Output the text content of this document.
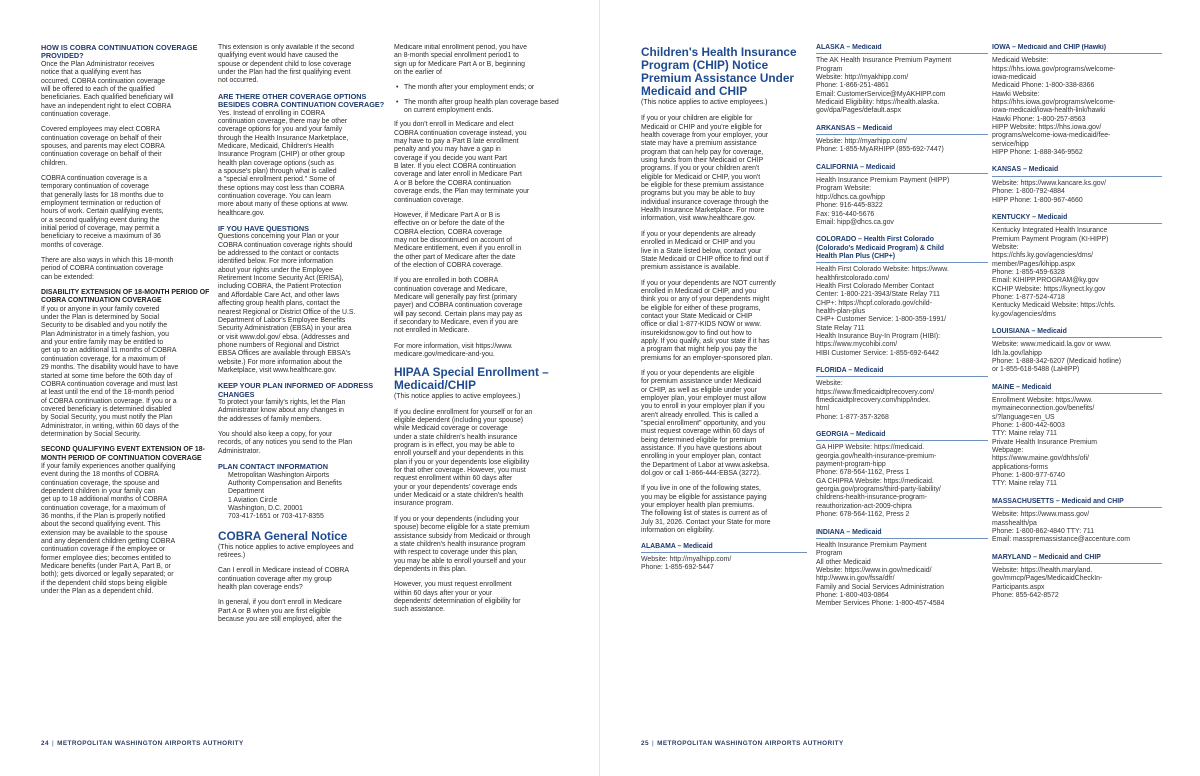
HOW IS COBRA CONTINUATION COVERAGE PROVIDED?
Once the Plan Administrator receives
notice that a qualifying event has
occurred, COBRA continuation coverage
will be offered to each of the qualified
beneficiaries. Each qualified beneficiary will
have an independent right to elect COBRA
continuation coverage.
Covered employees may elect COBRA
continuation coverage on behalf of their
spouses, and parents may elect COBRA
continuation coverage on behalf of their
children.
COBRA continuation coverage is a
temporary continuation of coverage
that generally lasts for 18 months due to
employment termination or reduction of
hours of work. Certain qualifying events,
or a second qualifying event during the
initial period of coverage, may permit a
beneficiary to receive a maximum of 36
months of coverage.
There are also ways in which this 18-month
period of COBRA continuation coverage
can be extended:
DISABILITY EXTENSION OF 18-MONTH PERIOD OF COBRA CONTINUATION COVERAGE
If you or anyone in your family covered
under the Plan is determined by Social
Security to be disabled and you notify the
Plan Administrator in a timely fashion, you
and your entire family may be entitled to
get up to an additional 11 months of COBRA
continuation coverage, for a maximum of
29 months. The disability would have to have
started at some time before the 60th day of
COBRA continuation coverage and must last
at least until the end of the 18-month period
of COBRA continuation coverage. If you or a
covered beneficiary is determined disabled
by Social Security, you must notify the Plan
Administrator, in writing, within 60 days of the
determination by Social Security.
SECOND QUALIFYING EVENT EXTENSION OF 18-MONTH PERIOD OF CONTINUATION COVERAGE
If your family experiences another qualifying
event during the 18 months of COBRA
continuation coverage, the spouse and
dependent children in your family can
get up to 18 additional months of COBRA
continuation coverage, for a maximum of
36 months, if the Plan is properly notified
about the second qualifying event. This
extension may be available to the spouse
and any dependent children getting COBRA
continuation coverage if the employee or
former employee dies; becomes entitled to
Medicare benefits (under Part A, Part B, or
both); gets divorced or legally separated; or
if the dependent child stops being eligible
under the Plan as a dependent child.
This extension is only available if the second
qualifying event would have caused the
spouse or dependent child to lose coverage
under the Plan had the first qualifying event
not occurred.
ARE THERE OTHER COVERAGE OPTIONS BESIDES COBRA CONTINUATION COVERAGE?
Yes. Instead of enrolling in COBRA
continuation coverage, there may be other
coverage options for you and your family
through the Health Insurance Marketplace,
Medicare, Medicaid, Children's Health
Insurance Program (CHIP) or other group
health plan coverage options (such as
a spouse's plan) through what is called
a "special enrollment period." Some of
these options may cost less than COBRA
continuation coverage. You can learn
more about many of these options at www.
healthcare.gov.
IF YOU HAVE QUESTIONS
Questions concerning your Plan or your
COBRA continuation coverage rights should
be addressed to the contact or contacts
identified below. For more information
about your rights under the Employee
Retirement Income Security Act (ERISA),
including COBRA, the Patient Protection
and Affordable Care Act, and other laws
affecting group health plans, contact the
nearest Regional or District Office of the U.S.
Department of Labor's Employee Benefits
Security Administration (EBSA) in your area
or visit www.dol.gov/ ebsa. (Addresses and
phone numbers of Regional and District
EBSA Offices are available through EBSA's
website.) For more information about the
Marketplace, visit www.healthcare.gov.
KEEP YOUR PLAN INFORMED OF ADDRESS CHANGES
To protect your family's rights, let the Plan
Administrator know about any changes in
the addresses of family members.
You should also keep a copy, for your
records, of any notices you send to the Plan
Administrator.
PLAN CONTACT INFORMATION
Metropolitan Washington Airports
Authority Compensation and Benefits
Department
1 Aviation Circle
Washington, D.C. 20001
703-417-1651 or 703-417-8355
COBRA General Notice
(This notice applies to active employees and
retirees.)
Can I enroll in Medicare instead of COBRA
continuation coverage after my group
health plan coverage ends?
In general, if you don't enroll in Medicare
Part A or B when you are first eligible
because you are still employed, after the
Medicare initial enrollment period, you have
an 8-month special enrollment period1 to
sign up for Medicare Part A or B, beginning
on the earlier of
• The month after your employment ends; or
• The month after group health plan coverage based on current employment ends.
If you don't enroll in Medicare and elect
COBRA continuation coverage instead, you
may have to pay a Part B late enrollment
penalty and you may have a gap in
coverage if you decide you want Part
B later. If you elect COBRA continuation
coverage and later enroll in Medicare Part
A or B before the COBRA continuation
coverage ends, the Plan may terminate your
continuation coverage.
However, if Medicare Part A or B is
effective on or before the date of the
COBRA election, COBRA coverage
may not be discontinued on account of
Medicare entitlement, even if you enroll in
the other part of Medicare after the date
of the election of COBRA coverage.
If you are enrolled in both COBRA
continuation coverage and Medicare,
Medicare will generally pay first (primary
payer) and COBRA continuation coverage
will pay second. Certain plans may pay as
if secondary to Medicare, even if you are
not enrolled in Medicare.
For more information, visit https://www.
medicare.gov/medicare-and-you.
HIPAA Special Enrollment – Medicaid/CHIP
(This notice applies to active employees.)
If you decline enrollment for yourself or for an
eligible dependent (including your spouse)
while Medicaid coverage or coverage
under a state children's health insurance
program is in effect, you may be able to
enroll yourself and your dependents in this
plan if you or your dependents lose eligibility
for that other coverage. However, you must
request enrollment within 60 days after
your or your dependents' coverage ends
under Medicaid or a state children's health
insurance program.
If you or your dependents (including your
spouse) become eligible for a state premium
assistance subsidy from Medicaid or through
a state children's health insurance program
with respect to coverage under this plan,
you may be able to enroll yourself and your
dependents in this plan.
However, you must request enrollment
within 60 days after your or your
dependents' determination of eligibility for
such assistance.
24 | METROPOLITAN WASHINGTON AIRPORTS AUTHORITY
Children's Health Insurance Program (CHIP) Notice Premium Assistance Under Medicaid and CHIP
(This notice applies to active employees.)
If you or your children are eligible for
Medicaid or CHIP and you're eligible for
health coverage from your employer, your
state may have a premium assistance
program that can help pay for coverage,
using funds from their Medicaid or CHIP
programs. If you or your children aren't
eligible for Medicaid or CHIP, you won't
be eligible for these premium assistance
programs but you may be able to buy
individual insurance coverage through the
Health Insurance Marketplace. For more
information, visit www.healthcare.gov.
If you or your dependents are already
enrolled in Medicaid or CHIP and you
live in a State listed below, contact your
State Medicaid or CHIP office to find out if
premium assistance is available.
If you or your dependents are NOT currently
enrolled in Medicaid or CHIP, and you
think you or any of your dependents might
be eligible for either of these programs,
contact your State Medicaid or CHIP
office or dial 1-877-KIDS NOW or www.
insurekidsnow.gov to find out how to
apply. If you qualify, ask your state if it has
a program that might help you pay the
premiums for an employer-sponsored plan.
If you or your dependents are eligible
for premium assistance under Medicaid
or CHIP, as well as eligible under your
employer plan, your employer must allow
you to enroll in your employer plan if you
aren't already enrolled. This is called a
"special enrollment" opportunity, and you
must request coverage within 60 days of
being determined eligible for premium
assistance. If you have questions about
enrolling in your employer plan, contact
the Department of Labor at www.askebsa.
dol.gov or call 1-866-444-EBSA (3272).
If you live in one of the following states,
you may be eligible for assistance paying
your employer health plan premiums.
The following list of states is current as of
July 31, 2026. Contact your State for more
information on eligibility.
ALABAMA – Medicaid
Website: http://myalhipp.com/
Phone: 1-855-692-5447
ALASKA – Medicaid
The AK Health Insurance Premium Payment
Program
Website: http://myakhipp.com/
Phone: 1-866-251-4861
Email: CustomerService@MyAKHIPP.com
Medicaid Eligibility: https://health.alaska.
gov/dpa/Pages/default.aspx
ARKANSAS – Medicaid
Website: http://myarhipp.com/
Phone: 1-855-MyARHIPP (855-692-7447)
CALIFORNIA – Medicaid
Health Insurance Premium Payment (HIPP)
Program Website:
http://dhcs.ca.gov/hipp
Phone: 916-445-8322
Fax: 916-440-5676
Email: hipp@dhcs.ca.gov
COLORADO – Health First Colorado
(Colorado's Medicaid Program) & Child
Health Plan Plus (CHP+)
Health First Colorado Website: https://www.
healthfirstcolorado.com/
Health First Colorado Member Contact
Center: 1-800-221-3943/State Relay 711
CHP+: https://hcpf.colorado.gov/child-
health-plan-plus
CHP+ Customer Service: 1-800-359-1991/
State Relay 711
Health Insurance Buy-In Program (HIBI):
https://www.mycohibi.com/
HIBI Customer Service: 1-855-692-6442
FLORIDA – Medicaid
Website:
https://www.flmedicaidtplrecovery.com/
flmedicaidtplrecovery.com/hipp/index.
html
Phone: 1-877-357-3268
GEORGIA – Medicaid
GA HIPP Website: https://medicaid.
georgia.gov/health-insurance-premium-
payment-program-hipp
Phone: 678-564-1162, Press 1
GA CHIPRA Website: https://medicaid.
georgia.gov/programs/third-party-liability/
childrens-health-insurance-program-
reauthorization-act-2009-chipra
Phone: 678-564-1162, Press 2
INDIANA – Medicaid
Health Insurance Premium Payment
Program
All other Medicaid
Website: https://www.in.gov/medicaid/
http://www.in.gov/fssa/dfr/
Family and Social Services Administration
Phone: 1-800-403-0864
Member Services Phone: 1-800-457-4584
IOWA – Medicaid and CHIP (Hawki)
Medicaid Website:
https://hhs.iowa.gov/programs/welcome-
iowa-medicaid
Medicaid Phone: 1-800-338-8366
Hawki Website:
https://hhs.iowa.gov/programs/welcome-
iowa-medicaid/iowa-health-link/hawki
Hawki Phone: 1-800-257-8563
HIPP Website: https://hhs.iowa.gov/
programs/welcome-iowa-medicaid/fee-
service/hipp
HIPP Phone: 1-888-346-9562
KANSAS – Medicaid
Website: https://www.kancare.ks.gov/
Phone: 1-800-792-4884
HIPP Phone: 1-800-967-4660
KENTUCKY – Medicaid
Kentucky Integrated Health Insurance
Premium Payment Program (KI-HIPP)
Website:
https://chfs.ky.gov/agencies/dms/
member/Pages/kihipp.aspx
Phone: 1-855-459-6328
Email: KIHIPP.PROGRAM@ky.gov
KCHIP Website: https://kynect.ky.gov
Phone: 1-877-524-4718
Kentucky Medicaid Website: https://chfs.
ky.gov/agencies/dms
LOUISIANA – Medicaid
Website: www.medicaid.la.gov or www.
ldh.la.gov/lahipp
Phone: 1-888-342-6207 (Medicaid hotline)
or 1-855-618-5488 (LaHIPP)
MAINE – Medicaid
Enrollment Website: https://www.
mymaineconnection.gov/benefits/
s/?language=en_US
Phone: 1-800-442-6003
TTY: Maine relay 711
Private Health Insurance Premium
Webpage:
https://www.maine.gov/dhhs/ofi/
applications-forms
Phone: 1-800-977-6740
TTY: Maine relay 711
MASSACHUSETTS – Medicaid and CHIP
Website: https://www.mass.gov/
masshealth/pa
Phone: 1-800-862-4840 TTY: 711
Email: masspremassistance@accenture.com
MARYLAND – Medicaid and CHIP
Website: https://health.maryland.
gov/mmcp/Pages/MedicaidCheckIn-
Participants.aspx
Phone: 855-642-8572
25 | METROPOLITAN WASHINGTON AIRPORTS AUTHORITY
